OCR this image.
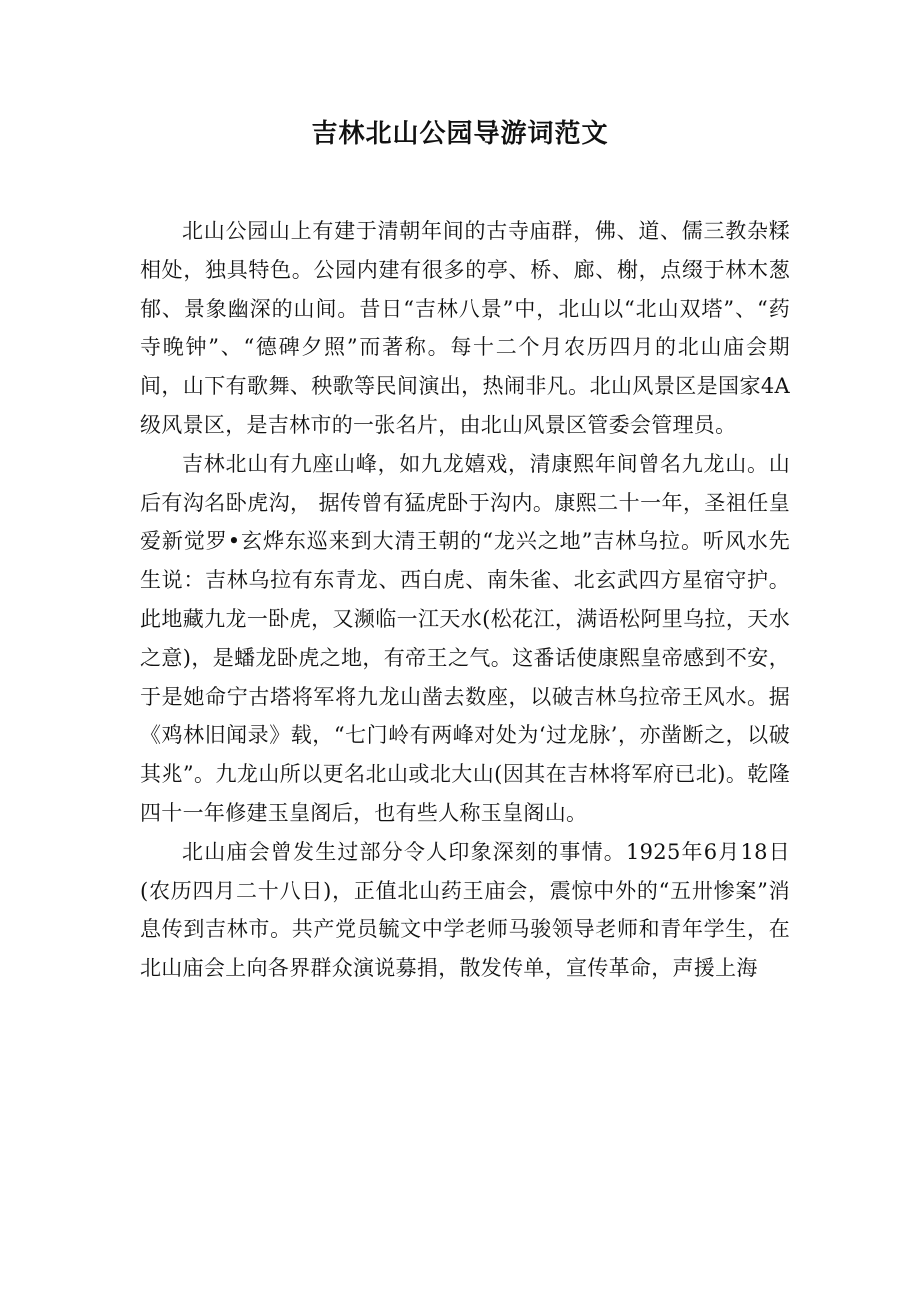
吉林北山公园导游词范文

北山公园山上有建于清朝年间的古寺庙群，佛、道、儒三教杂糅相处，独具特色。公园内建有很多的亭、桥、廊、榭，点缀于林木葱郁、景象幽深的山间。昔日“吉林八景”中，北山以“北山双塔”、“药寺晚钟”、“德碑夕照”而著称。每十二个月农历四月的北山庙会期间，山下有歌舞、秧歌等民间演出，热闹非凡。北山风景区是国家4A级风景区，是吉林市的一张名片，由北山风景区管委会管理员。

吉林北山有九座山峰，如九龙嬉戏，清康熙年间曾名九龙山。山后有沟名卧虎沟， 据传曾有猛虎卧于沟内。康熙二十一年，圣祖任皇爱新觉罗•玄烨东巡来到大清王朝的“龙兴之地”吉林乌拉。听风水先生说：吉林乌拉有东青龙、西白虎、南朱雀、北玄武四方星宿守护。此地藏九龙一卧虎，又濒临一江天水(松花江，满语松阿里乌拉，天水之意)，是蟠龙卧虎之地，有帝王之气。这番话使康熙皇帝感到不安，于是她命宁古塔将军将九龙山凿去数座，以破吉林乌拉帝王风水。据《鸡林旧闻录》载，“七门岭有两峰对处为‘过龙脉’，亦凿断之，以破其兆”。九龙山所以更名北山或北大山(因其在吉林将军府已北)。乾隆四十一年修建玉皇阁后，也有些人称玉皇阁山。

北山庙会曾发生过部分令人印象深刻的事情。1925年6月18日(农历四月二十八日)，正值北山药王庙会，震惊中外的“五卅惨案”消息传到吉林市。共产党员毓文中学老师马骏领导老师和青年学生，在北山庙会上向各界群众演说募捐，散发传单，宣传革命，声援上海
